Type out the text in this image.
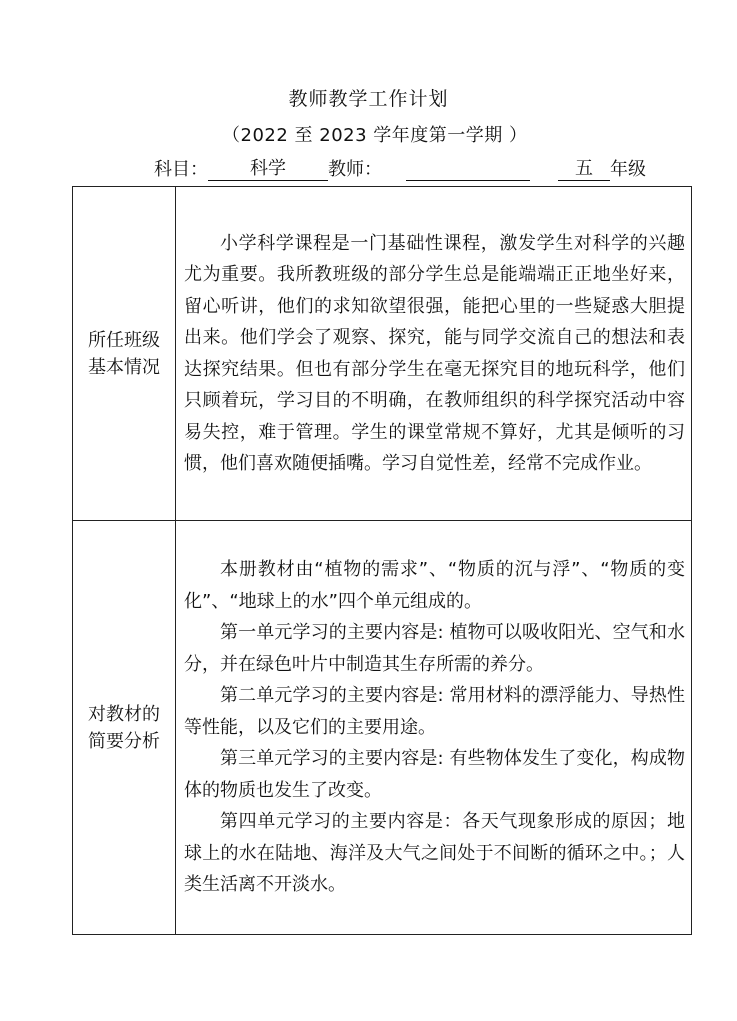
教师教学工作计划
（2022 至 2023 学年度第一学期 ）
科目： 科学 教师：	五 年级
所任班级基本情况	小学科学课程是一门基础性课程，激发学生对科学的兴趣尤为重要。我所教班级的部分学生总是能端端正正地坐好来，留心听讲，他们的求知欲望很强，能把心里的一些疑惑大胆提出来。他们学会了观察、探究，能与同学交流自己的想法和表达探究结果。但也有部分学生在毫无探究目的地玩科学，他们只顾着玩，学习目的不明确，在教师组织的科学探究活动中容易失控，难于管理。学生的课堂常规不算好，尤其是倾听的习惯，他们喜欢随便插嘴。学习自觉性差，经常不完成作业。

对教材的简要分析	本册教材由“植物的需求”、“物质的沉与浮”、“物质的变化”、“地球上的水”四个单元组成的。

第一单元学习的主要内容是: 植物可以吸收阳光、空气和水分，并在绿色叶片中制造其生存所需的养分。

第二单元学习的主要内容是: 常用材料的漂浮能力、导热性等性能，以及它们的主要用途。

第三单元学习的主要内容是: 有些物体发生了变化，构成物体的物质也发生了改变。

第四单元学习的主要内容是：各天气现象形成的原因；地球上的水在陆地、海洋及大气之间处于不间断的循环之中。；人类生活离不开淡水。
